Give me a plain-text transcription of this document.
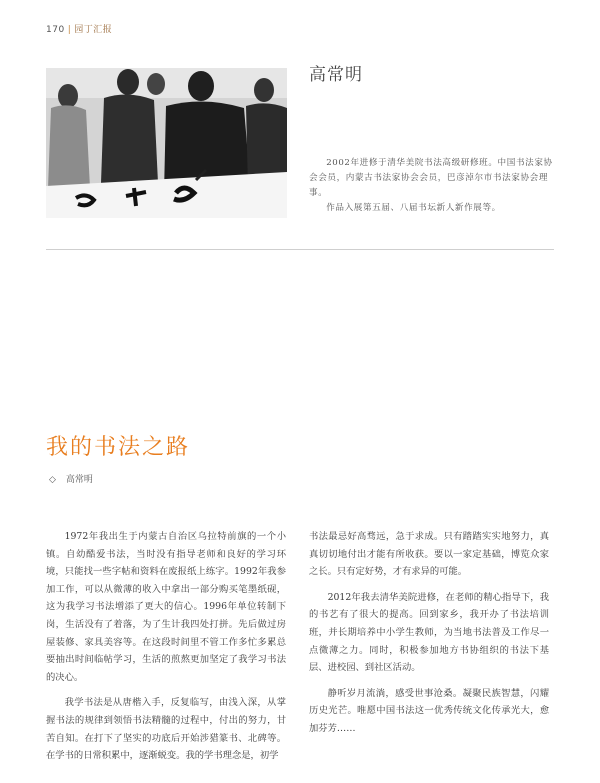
170 | 园丁汇报
高常明

2002年进修于清华美院书法高级研修班。中国书法家协会会员，内蒙古书法家协会会员，巴彦淖尔市书法家协会理事。

作品入展第五届、八届书坛新人新作展等。

我的书法之路
◇ 高常明

1972年我出生于内蒙古自治区乌拉特前旗的一个小镇。自幼酷爱书法，当时没有指导老师和良好的学习环境，只能找一些字帖和资料在废报纸上练字。1992年我参加工作，可以从微薄的收入中拿出一部分购买笔墨纸砚，这为我学习书法增添了更大的信心。1996年单位转制下岗，生活没有了着落，为了生计我四处打拼。先后做过房屋装修、家具美容等。在这段时间里不管工作多忙多累总要抽出时间临帖学习，生活的煎熬更加坚定了我学习书法的决心。

我学书法是从唐楷入手，反复临写，由浅入深，从掌握书法的规律到领悟书法精髓的过程中，付出的努力，甘苦自知。在打下了坚实的功底后开始涉猎篆书、北碑等。在学书的日常积累中，逐渐蜕变。我的学书理念是，初学

书法最忌好高骛远，急于求成。只有踏踏实实地努力，真真切切地付出才能有所收获。要以一家定基础，博览众家之长。只有定好势，才有求异的可能。

2012年我去清华美院进修，在老师的精心指导下，我的书艺有了很大的提高。回到家乡，我开办了书法培训班，并长期培养中小学生教师，为当地书法普及工作尽一点微薄之力。同时，积极参加地方书协组织的书法下基层、进校园、到社区活动。

静听岁月流淌，感受世事沧桑。凝聚民族智慧，闪耀历史光芒。唯愿中国书法这一优秀传统文化传承光大，愈加芬芳……
